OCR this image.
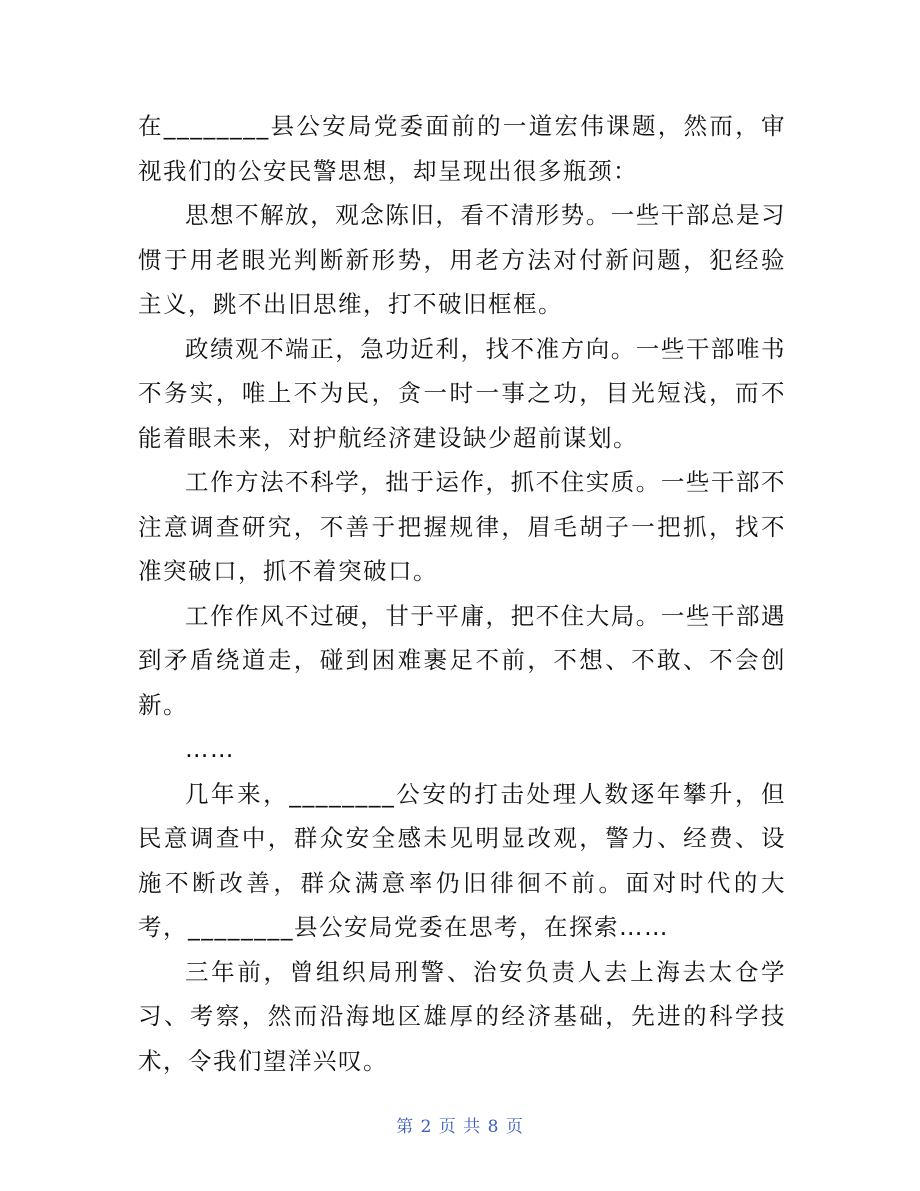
在________县公安局党委面前的一道宏伟课题，然而，审视我们的公安民警思想，却呈现出很多瓶颈：

思想不解放，观念陈旧，看不清形势。一些干部总是习惯于用老眼光判断新形势，用老方法对付新问题，犯经验主义，跳不出旧思维，打不破旧框框。

政绩观不端正，急功近利，找不准方向。一些干部唯书不务实，唯上不为民，贪一时一事之功，目光短浅，而不能着眼未来，对护航经济建设缺少超前谋划。

工作方法不科学，拙于运作，抓不住实质。一些干部不注意调查研究，不善于把握规律，眉毛胡子一把抓，找不准突破口，抓不着突破口。

工作作风不过硬，甘于平庸，把不住大局。一些干部遇到矛盾绕道走，碰到困难裹足不前，不想、不敢、不会创新。

……

几年来，________公安的打击处理人数逐年攀升，但民意调查中，群众安全感未见明显改观，警力、经费、设施不断改善，群众满意率仍旧徘徊不前。面对时代的大考，________县公安局党委在思考，在探索……

三年前，曾组织局刑警、治安负责人去上海去太仓学习、考察，然而沿海地区雄厚的经济基础，先进的科学技术，令我们望洋兴叹。

第 2 页 共 8 页
